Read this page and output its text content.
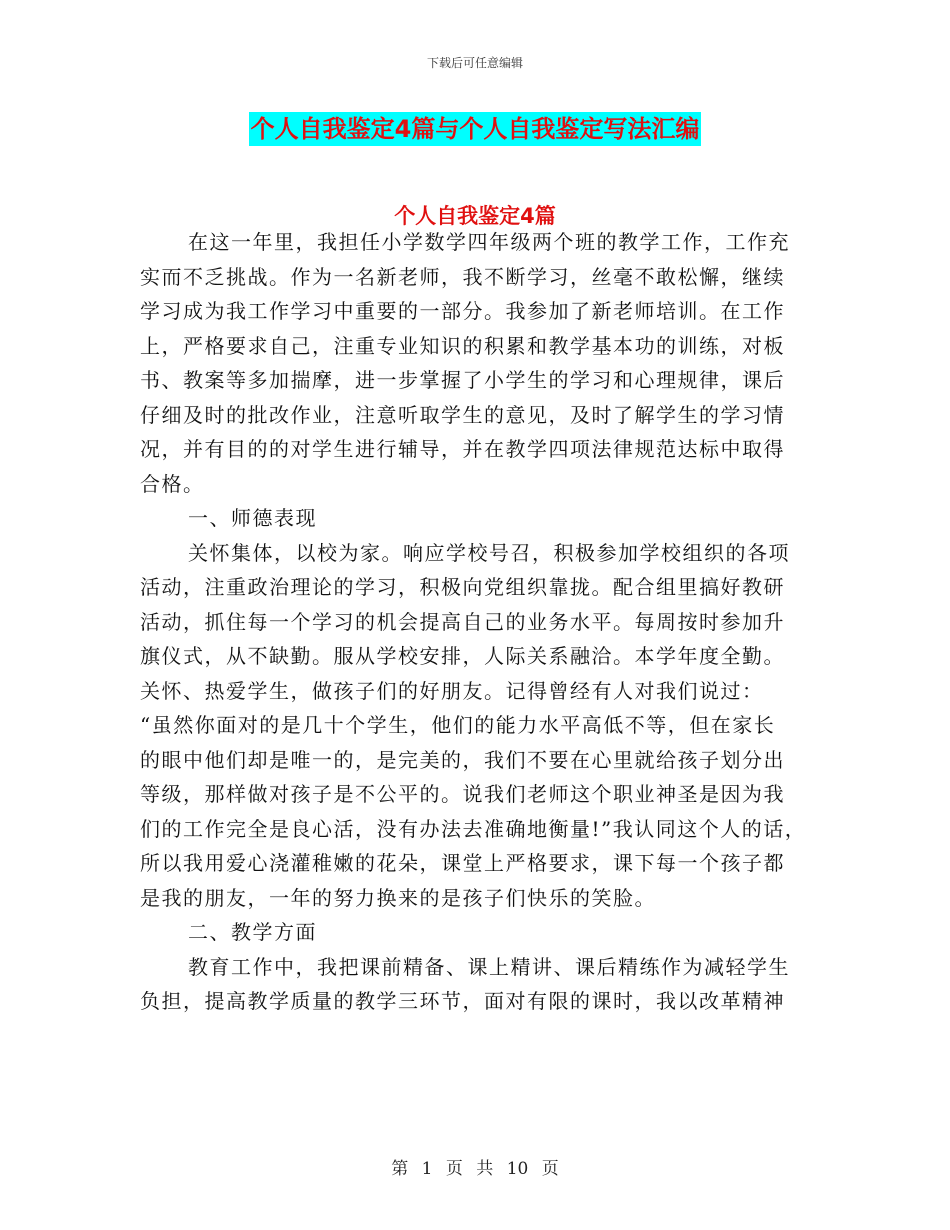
下载后可任意编辑
个人自我鉴定4篇与个人自我鉴定写法汇编
个人自我鉴定4篇

在这一年里，我担任小学数学四年级两个班的教学工作，工作充

实而不乏挑战。作为一名新老师，我不断学习，丝毫不敢松懈，继续

学习成为我工作学习中重要的一部分。我参加了新老师培训。在工作

上，严格要求自己，注重专业知识的积累和教学基本功的训练，对板

书、教案等多加揣摩，进一步掌握了小学生的学习和心理规律，课后

仔细及时的批改作业，注意听取学生的意见，及时了解学生的学习情

况，并有目的的对学生进行辅导，并在教学四项法律规范达标中取得

合格。

一、师德表现

关怀集体，以校为家。响应学校号召，积极参加学校组织的各项

活动，注重政治理论的学习，积极向党组织靠拢。配合组里搞好教研

活动，抓住每一个学习的机会提高自己的业务水平。每周按时参加升

旗仪式，从不缺勤。服从学校安排，人际关系融洽。本学年度全勤。

关怀、热爱学生，做孩子们的好朋友。记得曾经有人对我们说过：

“虽然你面对的是几十个学生，他们的能力水平高低不等，但在家长

的眼中他们却是唯一的，是完美的，我们不要在心里就给孩子划分出

等级，那样做对孩子是不公平的。说我们老师这个职业神圣是因为我

们的工作完全是良心活，没有办法去准确地衡量!”我认同这个人的话，

所以我用爱心浇灌稚嫩的花朵，课堂上严格要求，课下每一个孩子都

是我的朋友，一年的努力换来的是孩子们快乐的笑脸。

二、教学方面

教育工作中，我把课前精备、课上精讲、课后精练作为减轻学生

负担，提高教学质量的教学三环节，面对有限的课时，我以改革精神

第 1 页 共 10 页
